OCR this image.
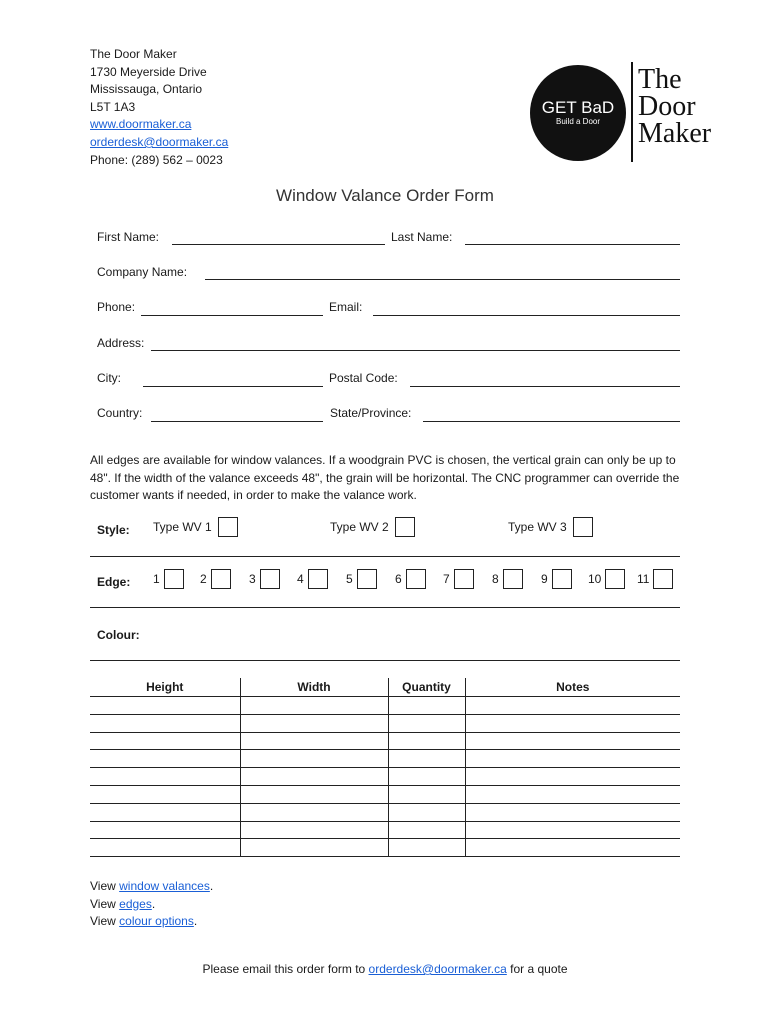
The Door Maker
1730 Meyerside Drive
Mississauga, Ontario
L5T 1A3
www.doormaker.ca
orderdesk@doormaker.ca
Phone: (289) 562 – 0023
GET BaD
Build a Door
The
Door
Maker
Window Valance Order Form
First Name:	Last Name:
Company Name:
Phone:	Email:
Address:
City:	Postal Code:
Country:	State/Province:
All edges are available for window valances. If a woodgrain PVC is chosen, the vertical grain can only be up to 48". If the width of the valance exceeds 48", the grain will be horizontal. The CNC programmer can override the customer wants if needed, in order to make the valance work.
Style: Type WV 1	Type WV 2	Type WV 3
Edge: 1	2	3	4	5	6	7	8	9	10	11
Colour:
Height	Width	Quantity	Notes

View window valances.
View edges.
View colour options.
Please email this order form to orderdesk@doormaker.ca for a quote
